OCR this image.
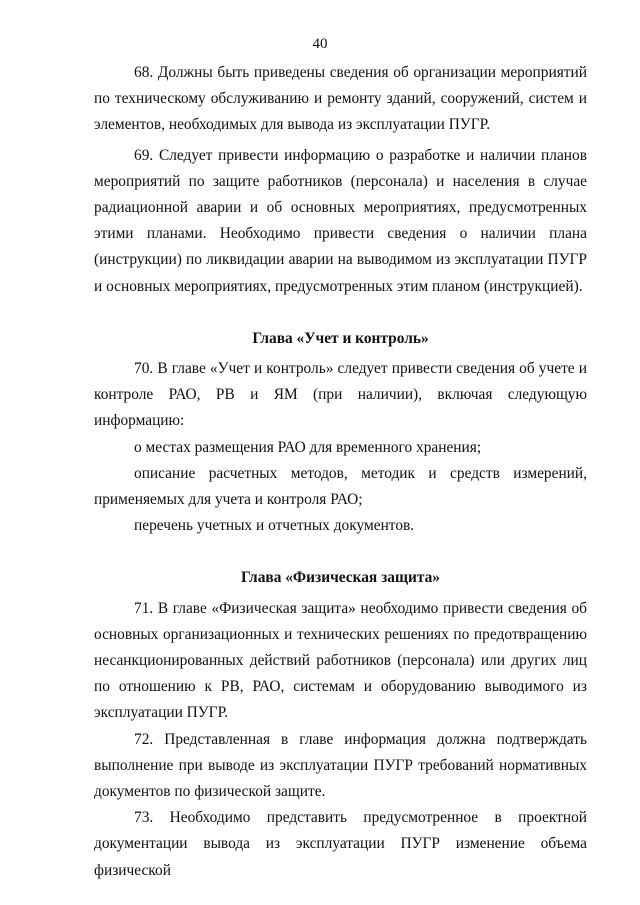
40

68. Должны быть приведены сведения об организации мероприятий по техническому обслуживанию и ремонту зданий, сооружений, систем и элементов, необходимых для вывода из эксплуатации ПУГР.

69. Следует привести информацию о разработке и наличии планов мероприятий по защите работников (персонала) и населения в случае радиационной аварии и об основных мероприятиях, предусмотренных этими планами. Необходимо привести сведения о наличии плана (инструкции) по ликвидации аварии на выводимом из эксплуатации ПУГР и основных мероприятиях, предусмотренных этим планом (инструкцией).

Глава «Учет и контроль»

70. В главе «Учет и контроль» следует привести сведения об учете и контроле РАО, РВ и ЯМ (при наличии), включая следующую информацию:

о местах размещения РАО для временного хранения;

описание расчетных методов, методик и средств измерений, применяемых для учета и контроля РАО;

перечень учетных и отчетных документов.

Глава «Физическая защита»

71. В главе «Физическая защита» необходимо привести сведения об основных организационных и технических решениях по предотвращению несанкционированных действий работников (персонала) или других лиц по отношению к РВ, РАО, системам и оборудованию выводимого из эксплуатации ПУГР.

72. Представленная в главе информация должна подтверждать выполнение при выводе из эксплуатации ПУГР требований нормативных документов по физической защите.

73. Необходимо представить предусмотренное в проектной документации вывода из эксплуатации ПУГР изменение объема физической
